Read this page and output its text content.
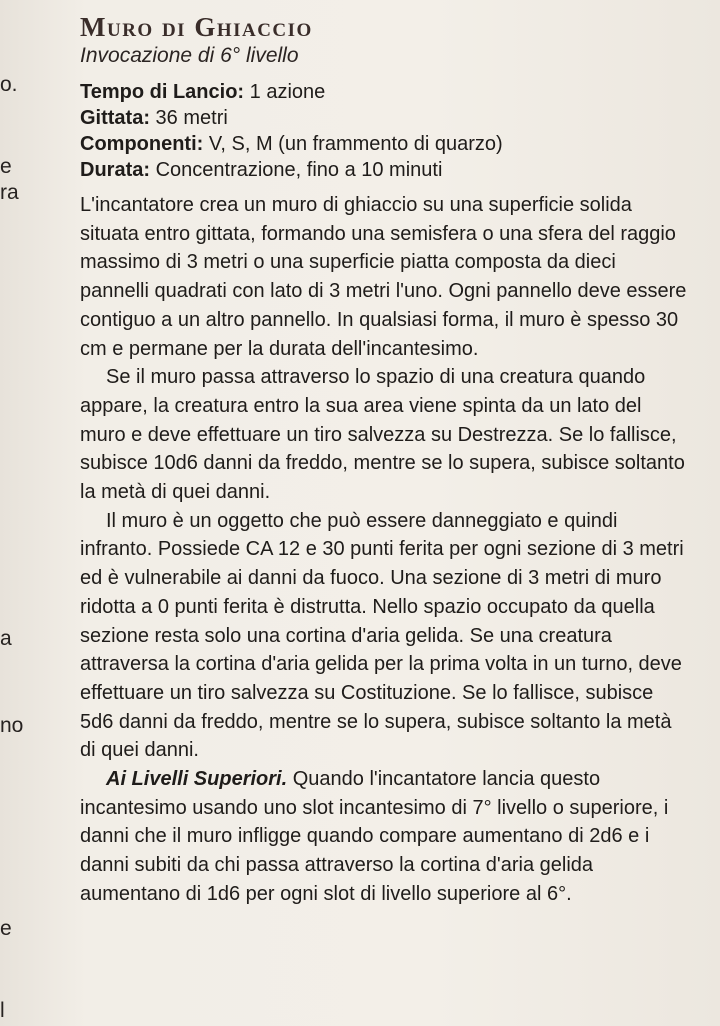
o.
e
ra
a
no
e
l
Muro di Ghiaccio
Invocazione di 6° livello

Tempo di Lancio: 1 azione

Gittata: 36 metri

Componenti: V, S, M (un frammento di quarzo)

Durata: Concentrazione, fino a 10 minuti

L'incantatore crea un muro di ghiaccio su una superficie solida situata entro gittata, formando una semisfera o una sfera del raggio massimo di 3 metri o una superficie piatta composta da dieci pannelli quadrati con lato di 3 metri l'uno. Ogni pannello deve essere contiguo a un altro pannello. In qualsiasi forma, il muro è spesso 30 cm e permane per la durata dell'incantesimo.

Se il muro passa attraverso lo spazio di una creatura quando appare, la creatura entro la sua area viene spinta da un lato del muro e deve effettuare un tiro salvezza su Destrezza. Se lo fallisce, subisce 10d6 danni da freddo, mentre se lo supera, subisce soltanto la metà di quei danni.

Il muro è un oggetto che può essere danneggiato e quindi infranto. Possiede CA 12 e 30 punti ferita per ogni sezione di 3 metri ed è vulnerabile ai danni da fuoco. Una sezione di 3 metri di muro ridotta a 0 punti ferita è distrutta. Nello spazio occupato da quella sezione resta solo una cortina d'aria gelida. Se una creatura attraversa la cortina d'aria gelida per la prima volta in un turno, deve effettuare un tiro salvezza su Costituzione. Se lo fallisce, subisce 5d6 danni da freddo, mentre se lo supera, subisce soltanto la metà di quei danni.

Ai Livelli Superiori. Quando l'incantatore lancia questo incantesimo usando uno slot incantesimo di 7° livello o superiore, i danni che il muro infligge quando compare aumentano di 2d6 e i danni subiti da chi passa attraverso la cortina d'aria gelida aumentano di 1d6 per ogni slot di livello superiore al 6°.
